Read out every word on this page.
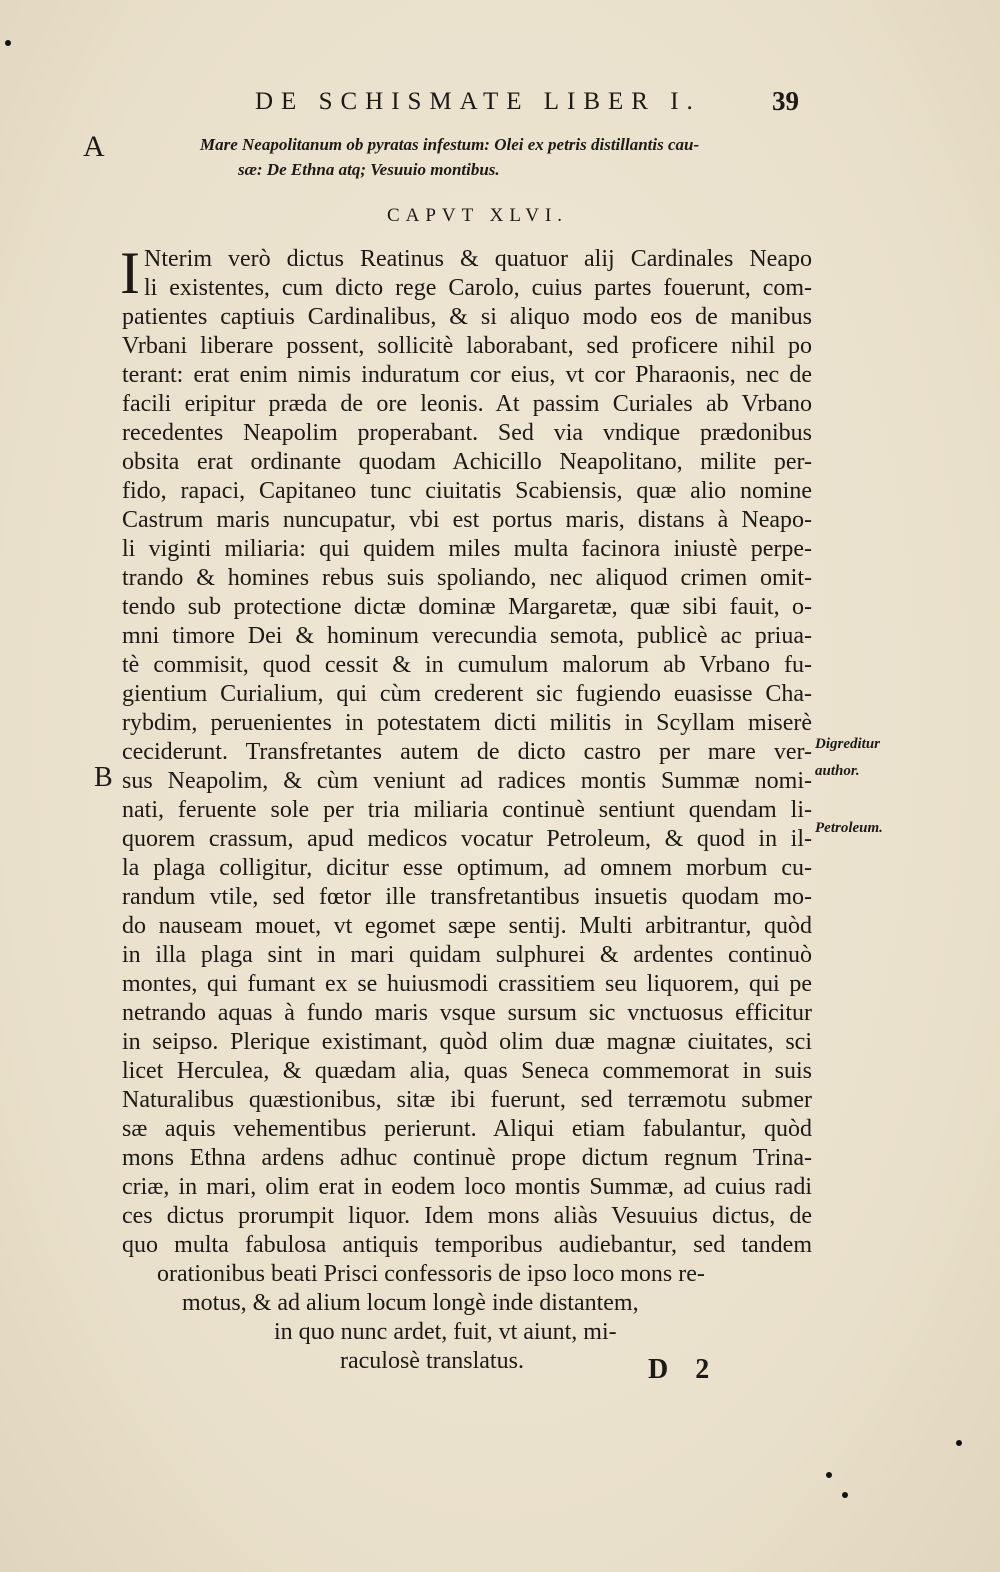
DE SCHISMATE LIBER I.	39
A	Mare Neapolitanum ob pyratas infestum: Olei ex petris distillantis cau-

sæ: De Ethna atq; Vesuuio montibus.
CAPVT XLVI.
I Nterim verò dictus Reatinus & quatuor alij Cardinales Neapo
li existentes, cum dicto rege Carolo, cuius partes fouerunt, com-
patientes captiuis Cardinalibus, & si aliquo modo eos de manibus
Vrbani liberare possent, sollicitè laborabant, sed proficere nihil po
terant: erat enim nimis induratum cor eius, vt cor Pharaonis, nec de
facili eripitur præda de ore leonis. At passim Curiales ab Vrbano
recedentes Neapolim properabant. Sed via vndique prædonibus
obsita erat ordinante quodam Achicillo Neapolitano, milite per-
fido, rapaci, Capitaneo tunc ciuitatis Scabiensis, quæ alio nomine
Castrum maris nuncupatur, vbi est portus maris, distans à Neapo-
li viginti miliaria: qui quidem miles multa facinora iniustè perpe-
trando & homines rebus suis spoliando, nec aliquod crimen omit-
tendo sub protectione dictæ dominæ Margaretæ, quæ sibi fauit, o-
mni timore Dei & hominum verecundia semota, publicè ac priua-
tè commisit, quod cessit & in cumulum malorum ab Vrbano fu-
gientium Curialium, qui cùm crederent sic fugiendo euasisse Cha-
rybdim, peruenientes in potestatem dicti militis in Scyllam miserè
ceciderunt. Transfretantes autem de dicto castro per mare ver-
sus Neapolim, & cùm veniunt ad radices montis Summæ nomi-
nati, feruente sole per tria miliaria continuè sentiunt quendam li-
quorem crassum, apud medicos vocatur Petroleum, & quod in il-
la plaga colligitur, dicitur esse optimum, ad omnem morbum cu-
randum vtile, sed fœtor ille transfretantibus insuetis quodam mo-
do nauseam mouet, vt egomet sæpe sentij. Multi arbitrantur, quòd
in illa plaga sint in mari quidam sulphurei & ardentes continuò
montes, qui fumant ex se huiusmodi crassitiem seu liquorem, qui pe
netrando aquas à fundo maris vsque sursum sic vnctuosus efficitur
in seipso. Plerique existimant, quòd olim duæ magnæ ciuitates, sci
licet Herculea, & quædam alia, quas Seneca commemorat in suis
Naturalibus quæstionibus, sitæ ibi fuerunt, sed terræmotu submer
sæ aquis vehementibus perierunt. Aliqui etiam fabulantur, quòd
mons Ethna ardens adhuc continuè prope dictum regnum Trina-
criæ, in mari, olim erat in eodem loco montis Summæ, ad cuius radi
ces dictus prorumpit liquor. Idem mons aliàs Vesuuius dictus, de
quo multa fabulosa antiquis temporibus audiebantur, sed tandem
orationibus beati Prisci confessoris de ipso loco mons re-
motus, & ad alium locum longè inde distantem,
in quo nunc ardet, fuit, vt aiunt, mi-
raculosè translatus.
B
Digreditur
author.
Petroleum.
D 2
